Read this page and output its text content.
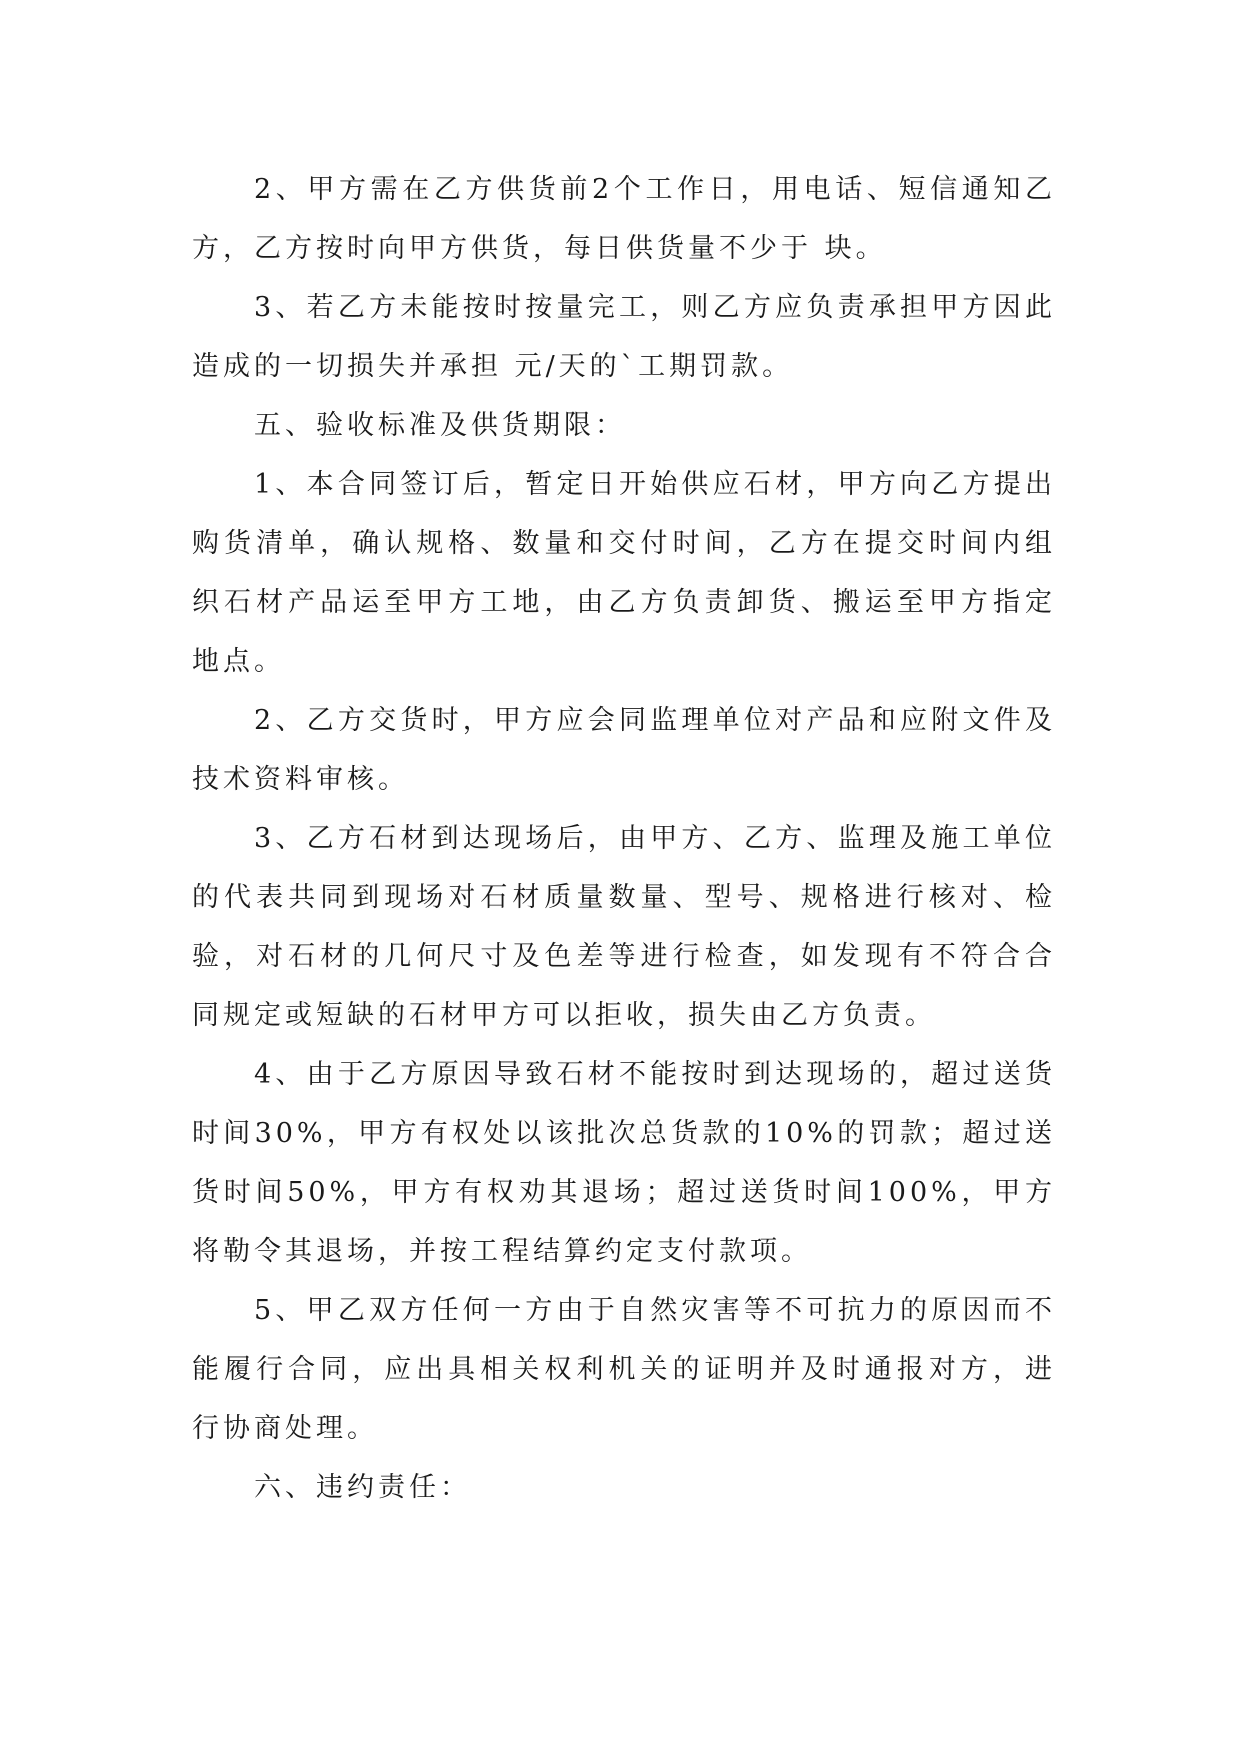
2、甲方需在乙方供货前2个工作日，用电话、短信通知乙方，乙方按时向甲方供货，每日供货量不少于 块。

3、若乙方未能按时按量完工，则乙方应负责承担甲方因此造成的一切损失并承担 元/天的`工期罚款。

五、验收标准及供货期限：

1、本合同签订后，暂定日开始供应石材，甲方向乙方提出购货清单，确认规格、数量和交付时间，乙方在提交时间内组织石材产品运至甲方工地，由乙方负责卸货、搬运至甲方指定地点。

2、乙方交货时，甲方应会同监理单位对产品和应附文件及技术资料审核。

3、乙方石材到达现场后，由甲方、乙方、监理及施工单位的代表共同到现场对石材质量数量、型号、规格进行核对、检验，对石材的几何尺寸及色差等进行检查，如发现有不符合合同规定或短缺的石材甲方可以拒收，损失由乙方负责。

4、由于乙方原因导致石材不能按时到达现场的，超过送货时间30%，甲方有权处以该批次总货款的10%的罚款；超过送货时间50%，甲方有权劝其退场；超过送货时间100%，甲方将勒令其退场，并按工程结算约定支付款项。

5、甲乙双方任何一方由于自然灾害等不可抗力的原因而不能履行合同，应出具相关权利机关的证明并及时通报对方，进行协商处理。

六、违约责任：
